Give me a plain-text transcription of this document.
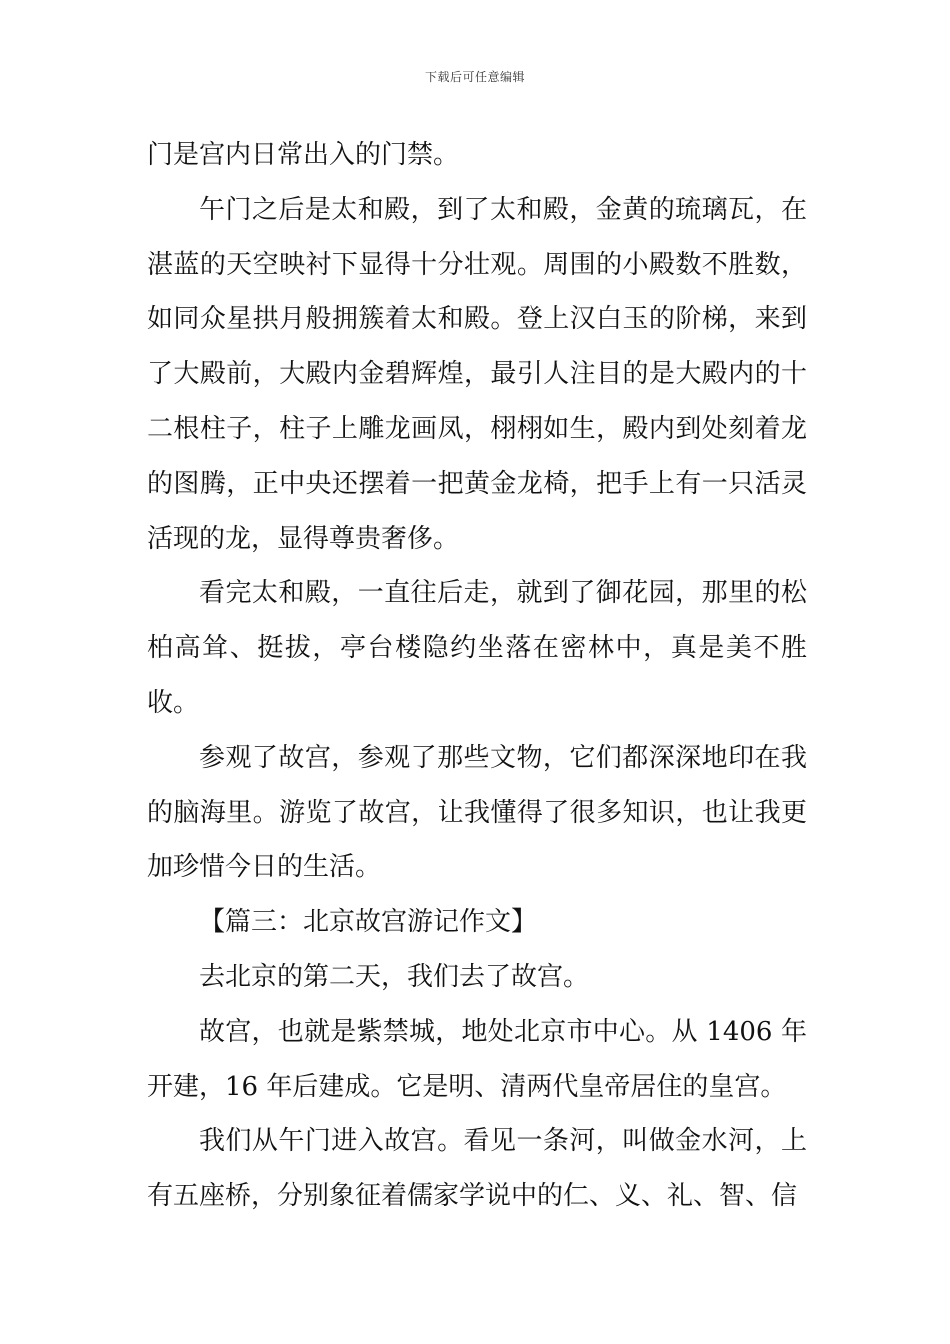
下载后可任意编辑

门是宫内日常出入的门禁。

午门之后是太和殿，到了太和殿，金黄的琉璃瓦，在湛蓝的天空映衬下显得十分壮观。周围的小殿数不胜数，如同众星拱月般拥簇着太和殿。登上汉白玉的阶梯，来到了大殿前，大殿内金碧辉煌，最引人注目的是大殿内的十二根柱子，柱子上雕龙画凤，栩栩如生，殿内到处刻着龙的图腾，正中央还摆着一把黄金龙椅，把手上有一只活灵活现的龙，显得尊贵奢侈。

看完太和殿，一直往后走，就到了御花园，那里的松柏高耸、挺拔，亭台楼隐约坐落在密林中，真是美不胜收。

参观了故宫，参观了那些文物，它们都深深地印在我的脑海里。游览了故宫，让我懂得了很多知识，也让我更加珍惜今日的生活。

【篇三：北京故宫游记作文】

去北京的第二天，我们去了故宫。

故宫，也就是紫禁城，地处北京市中心。从 1406 年开建，16 年后建成。它是明、清两代皇帝居住的皇宫。

我们从午门进入故宫。看见一条河，叫做金水河，上有五座桥，分别象征着儒家学说中的仁、义、礼、智、信
